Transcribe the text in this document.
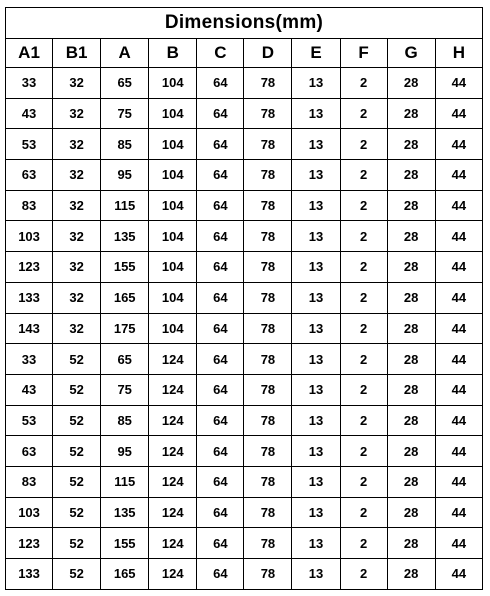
Dimensions(mm)									
A1	B1	A	B	C	D	E	F	G	H
33	32	65	104	64	78	13	2	28	44
43	32	75	104	64	78	13	2	28	44
53	32	85	104	64	78	13	2	28	44
63	32	95	104	64	78	13	2	28	44
83	32	115	104	64	78	13	2	28	44
103	32	135	104	64	78	13	2	28	44
123	32	155	104	64	78	13	2	28	44
133	32	165	104	64	78	13	2	28	44
143	32	175	104	64	78	13	2	28	44
33	52	65	124	64	78	13	2	28	44
43	52	75	124	64	78	13	2	28	44
53	52	85	124	64	78	13	2	28	44
63	52	95	124	64	78	13	2	28	44
83	52	115	124	64	78	13	2	28	44
103	52	135	124	64	78	13	2	28	44
123	52	155	124	64	78	13	2	28	44
133	52	165	124	64	78	13	2	28	44
